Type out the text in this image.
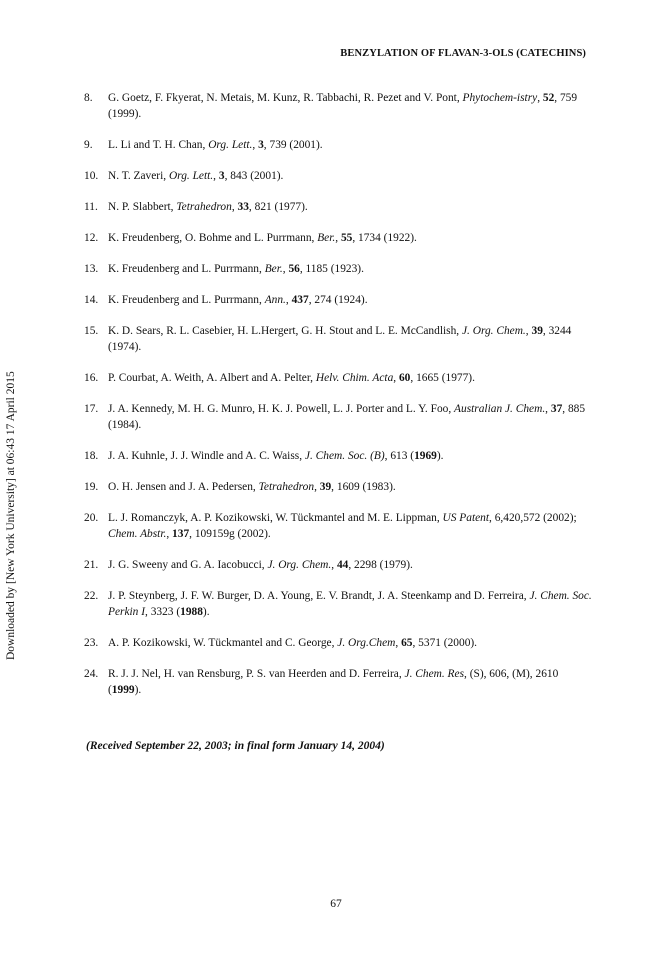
BENZYLATION OF FLAVAN-3-OLS (CATECHINS)
Downloaded by [New York University] at 06:43 17 April 2015
8.	G. Goetz, F. Fkyerat, N. Metais, M. Kunz, R. Tabbachi, R. Pezet and V. Pont, Phytochem-istry, 52, 759 (1999).
9.	L. Li and T. H. Chan, Org. Lett., 3, 739 (2001).
10. N. T. Zaveri, Org. Lett., 3, 843 (2001).
11. N. P. Slabbert, Tetrahedron, 33, 821 (1977).
12. K. Freudenberg, O. Bohme and L. Purrmann, Ber., 55, 1734 (1922).
13. K. Freudenberg and L. Purrmann, Ber., 56, 1185 (1923).
14. K. Freudenberg and L. Purrmann, Ann., 437, 274 (1924).
15. K. D. Sears, R. L. Casebier, H. L.Hergert, G. H. Stout and L. E. McCandlish, J. Org. Chem., 39, 3244 (1974).
16. P. Courbat, A. Weith, A. Albert and A. Pelter, Helv. Chim. Acta, 60, 1665 (1977).
17. J. A. Kennedy, M. H. G. Munro, H. K. J. Powell, L. J. Porter and L. Y. Foo, Australian J. Chem., 37, 885 (1984).
18. J. A. Kuhnle, J. J. Windle and A. C. Waiss, J. Chem. Soc. (B), 613 (1969).
19. O. H. Jensen and J. A. Pedersen, Tetrahedron, 39, 1609 (1983).
20. L. J. Romanczyk, A. P. Kozikowski, W. Tückmantel and M. E. Lippman, US Patent, 6,420,572 (2002); Chem. Abstr., 137, 109159g (2002).
21. J. G. Sweeny and G. A. Iacobucci, J. Org. Chem., 44, 2298 (1979).
22. J. P. Steynberg, J. F. W. Burger, D. A. Young, E. V. Brandt, J. A. Steenkamp and D. Ferreira, J. Chem. Soc. Perkin I, 3323 (1988).
23. A. P. Kozikowski, W. Tückmantel and C. George, J. Org.Chem, 65, 5371 (2000).
24. R. J. J. Nel, H. van Rensburg, P. S. van Heerden and D. Ferreira, J. Chem. Res, (S), 606, (M), 2610 (1999).
(Received September 22, 2003; in final form January 14, 2004)
67
